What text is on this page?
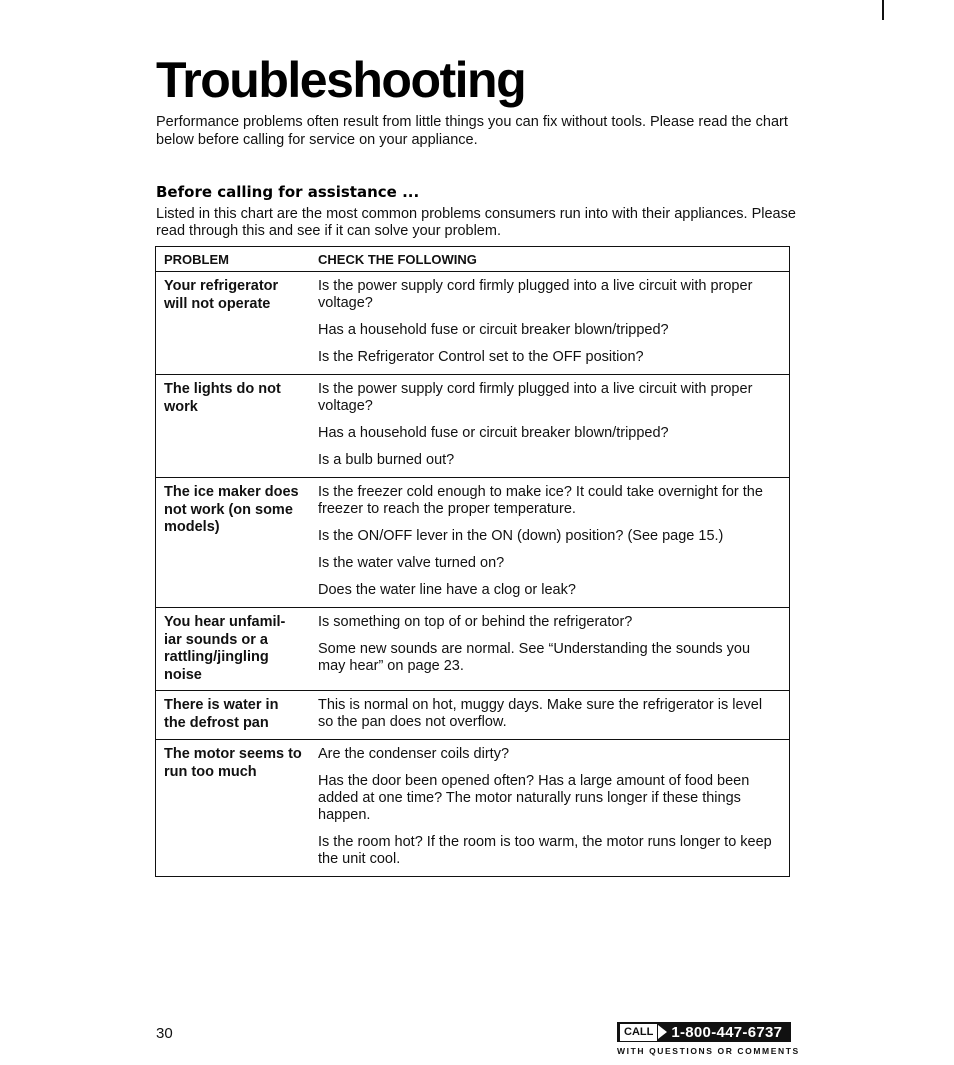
Troubleshooting

Performance problems often result from little things you can fix without tools. Please read the chart below before calling for service on your appliance.

Before calling for assistance ...

Listed in this chart are the most common problems consumers run into with their appliances. Please read through this and see if it can solve your problem.

PROBLEM	CHECK THE FOLLOWING
Your refrigerator will not operate	Is the power supply cord firmly plugged into a live circuit with proper voltage?

Has a household fuse or circuit breaker blown/tripped?

Is the Refrigerator Control set to the OFF position?

The lights do not work	Is the power supply cord firmly plugged into a live circuit with proper voltage?

Has a household fuse or circuit breaker blown/tripped?

Is a bulb burned out?

The ice maker does not work (on some models)	Is the freezer cold enough to make ice? It could take overnight for the freezer to reach the proper temperature.

Is the ON/OFF lever in the ON (down) position? (See page 15.)

Is the water valve turned on?

Does the water line have a clog or leak?

You hear unfamil-iar sounds or a rattling/jingling noise	Is something on top of or behind the refrigerator?

Some new sounds are normal. See “Understanding the sounds you may hear” on page 23.

There is water in the defrost pan	This is normal on hot, muggy days. Make sure the refrigerator is level so the pan does not overflow.

The motor seems to run too much	Are the condenser coils dirty?

Has the door been opened often? Has a large amount of food been added at one time? The motor naturally runs longer if these things happen.

Is the room hot? If the room is too warm, the motor runs longer to keep the unit cool.

30	CALL 1-800-447-6737
WITH QUESTIONS OR COMMENTS
